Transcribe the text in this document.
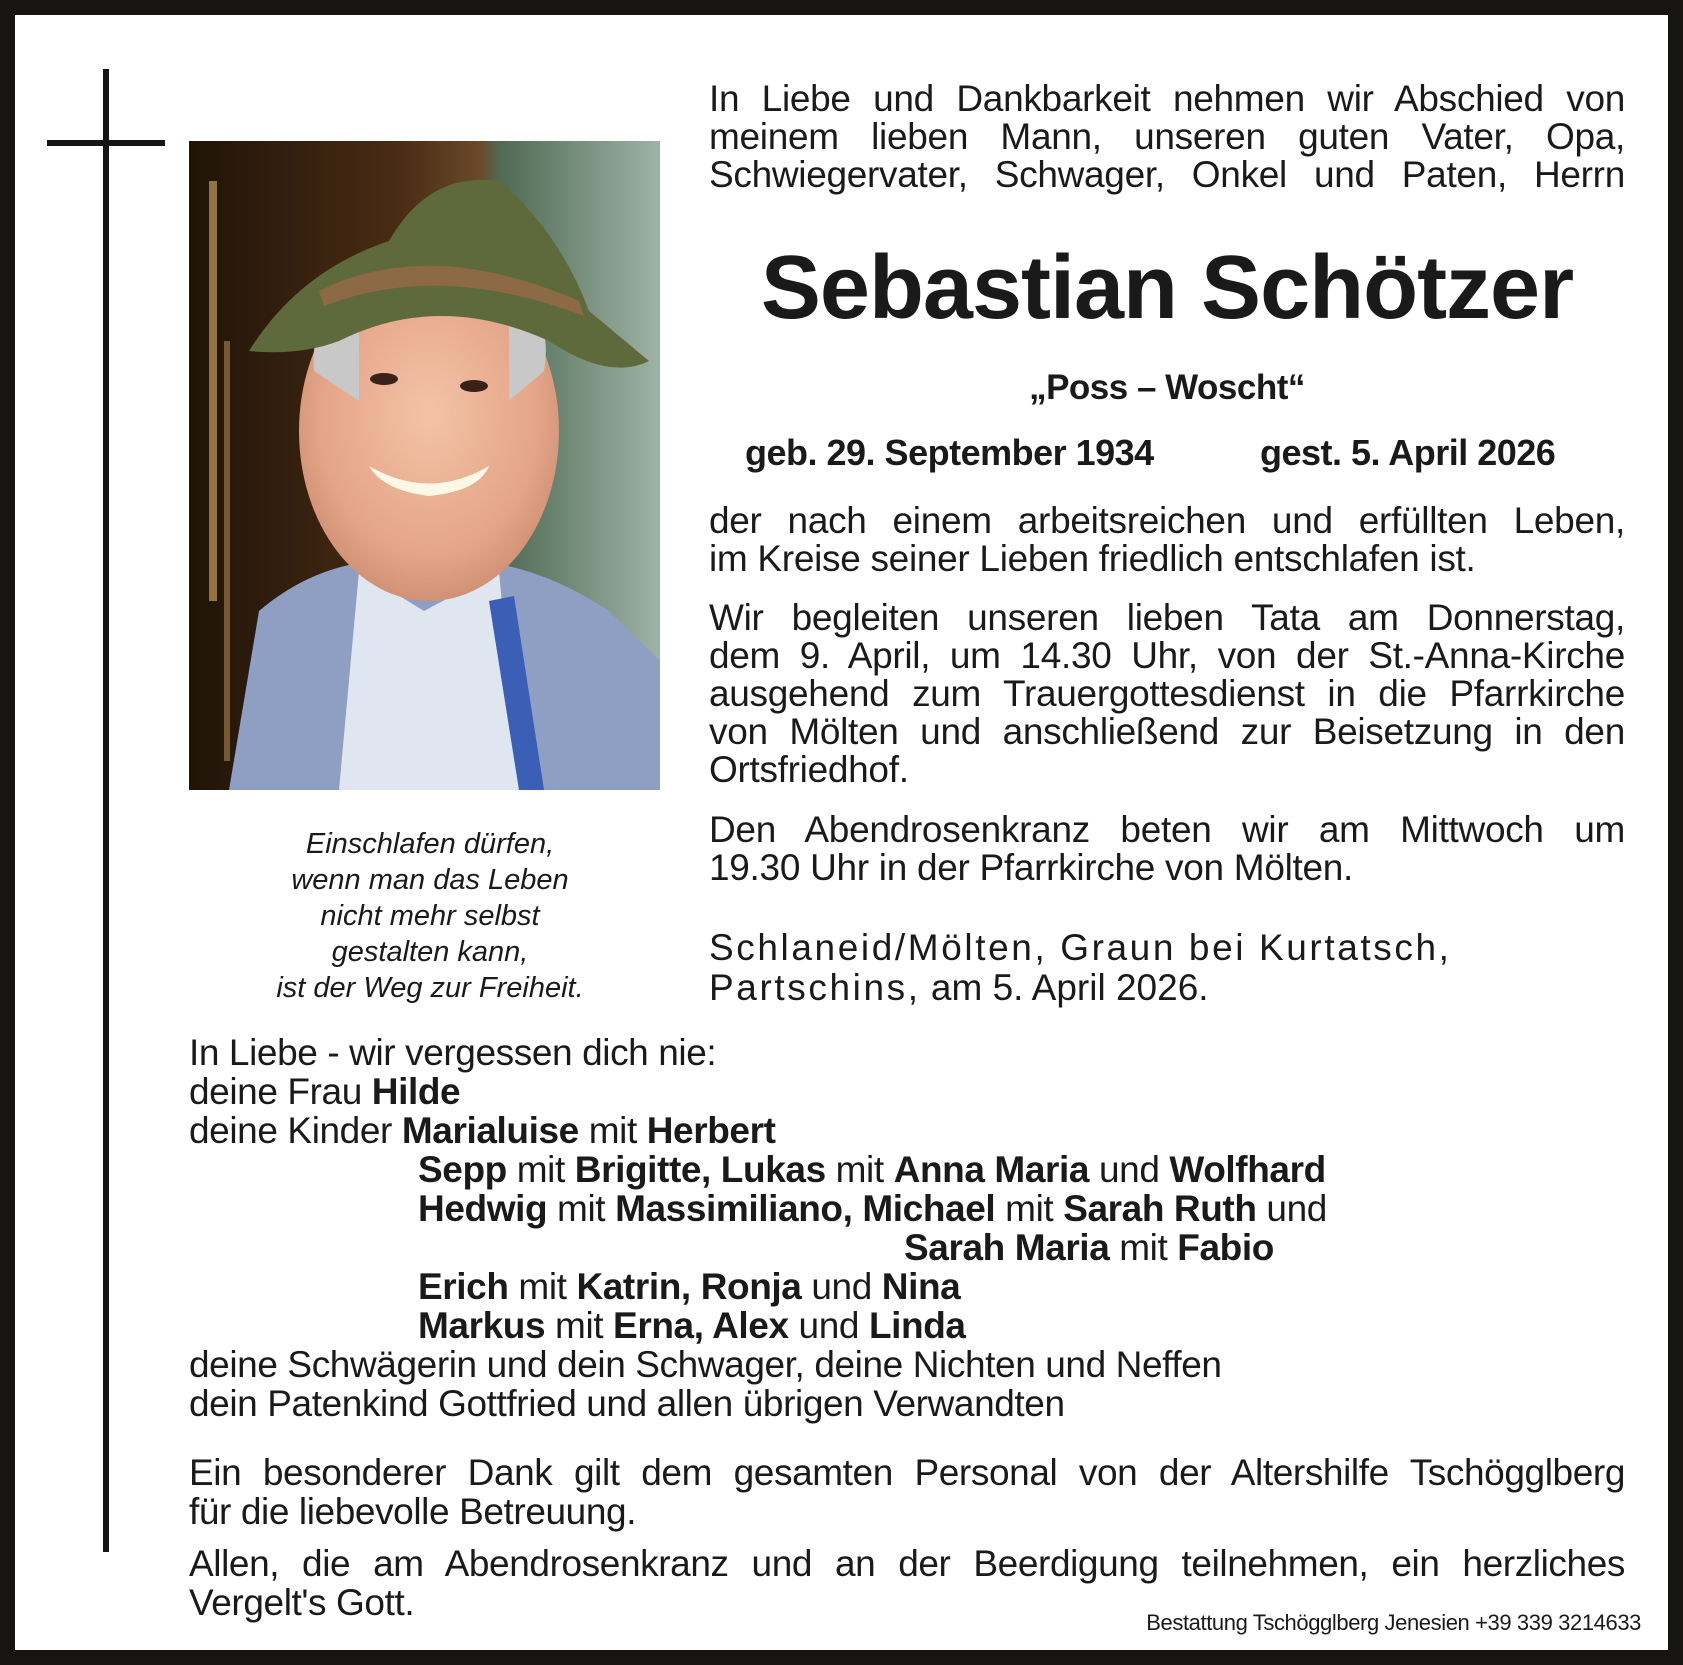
Einschlafen dürfen,
wenn man das Leben
nicht mehr selbst
gestalten kann,
ist der Weg zur Freiheit.
In Liebe und Dankbarkeit nehmen wir Abschied von
meinem lieben Mann, unseren guten Vater, Opa,
Schwiegervater, Schwager, Onkel und Paten, Herrn
Sebastian Schötzer
„Poss – Woscht“
geb. 29. September 1934	gest. 5. April 2026
der nach einem arbeitsreichen und erfüllten Leben,
im Kreise seiner Lieben friedlich entschlafen ist.
Wir begleiten unseren lieben Tata am Donnerstag,
dem 9. April, um 14.30 Uhr, von der St.-Anna-Kirche
ausgehend zum Trauergottesdienst in die Pfarrkirche
von Mölten und anschließend zur Beisetzung in den
Ortsfriedhof.
Den Abendrosenkranz beten wir am Mittwoch um
19.30 Uhr in der Pfarrkirche von Mölten.
Schlaneid/Mölten, Graun bei Kurtatsch,
Partschins, am 5. April 2026.
In Liebe - wir vergessen dich nie:
deine Frau Hilde
deine Kinder Marialuise mit Herbert
Sepp mit Brigitte, Lukas mit Anna Maria und Wolfhard
Hedwig mit Massimiliano, Michael mit Sarah Ruth und
Sarah Maria mit Fabio
Erich mit Katrin, Ronja und Nina
Markus mit Erna, Alex und Linda
deine Schwägerin und dein Schwager, deine Nichten und Neffen
dein Patenkind Gottfried und allen übrigen Verwandten
Ein besonderer Dank gilt dem gesamten Personal von der Altershilfe Tschögglberg
für die liebevolle Betreuung.
Allen, die am Abendrosenkranz und an der Beerdigung teilnehmen, ein herzliches
Vergelt's Gott.	Bestattung Tschögglberg Jenesien +39 339 3214633
